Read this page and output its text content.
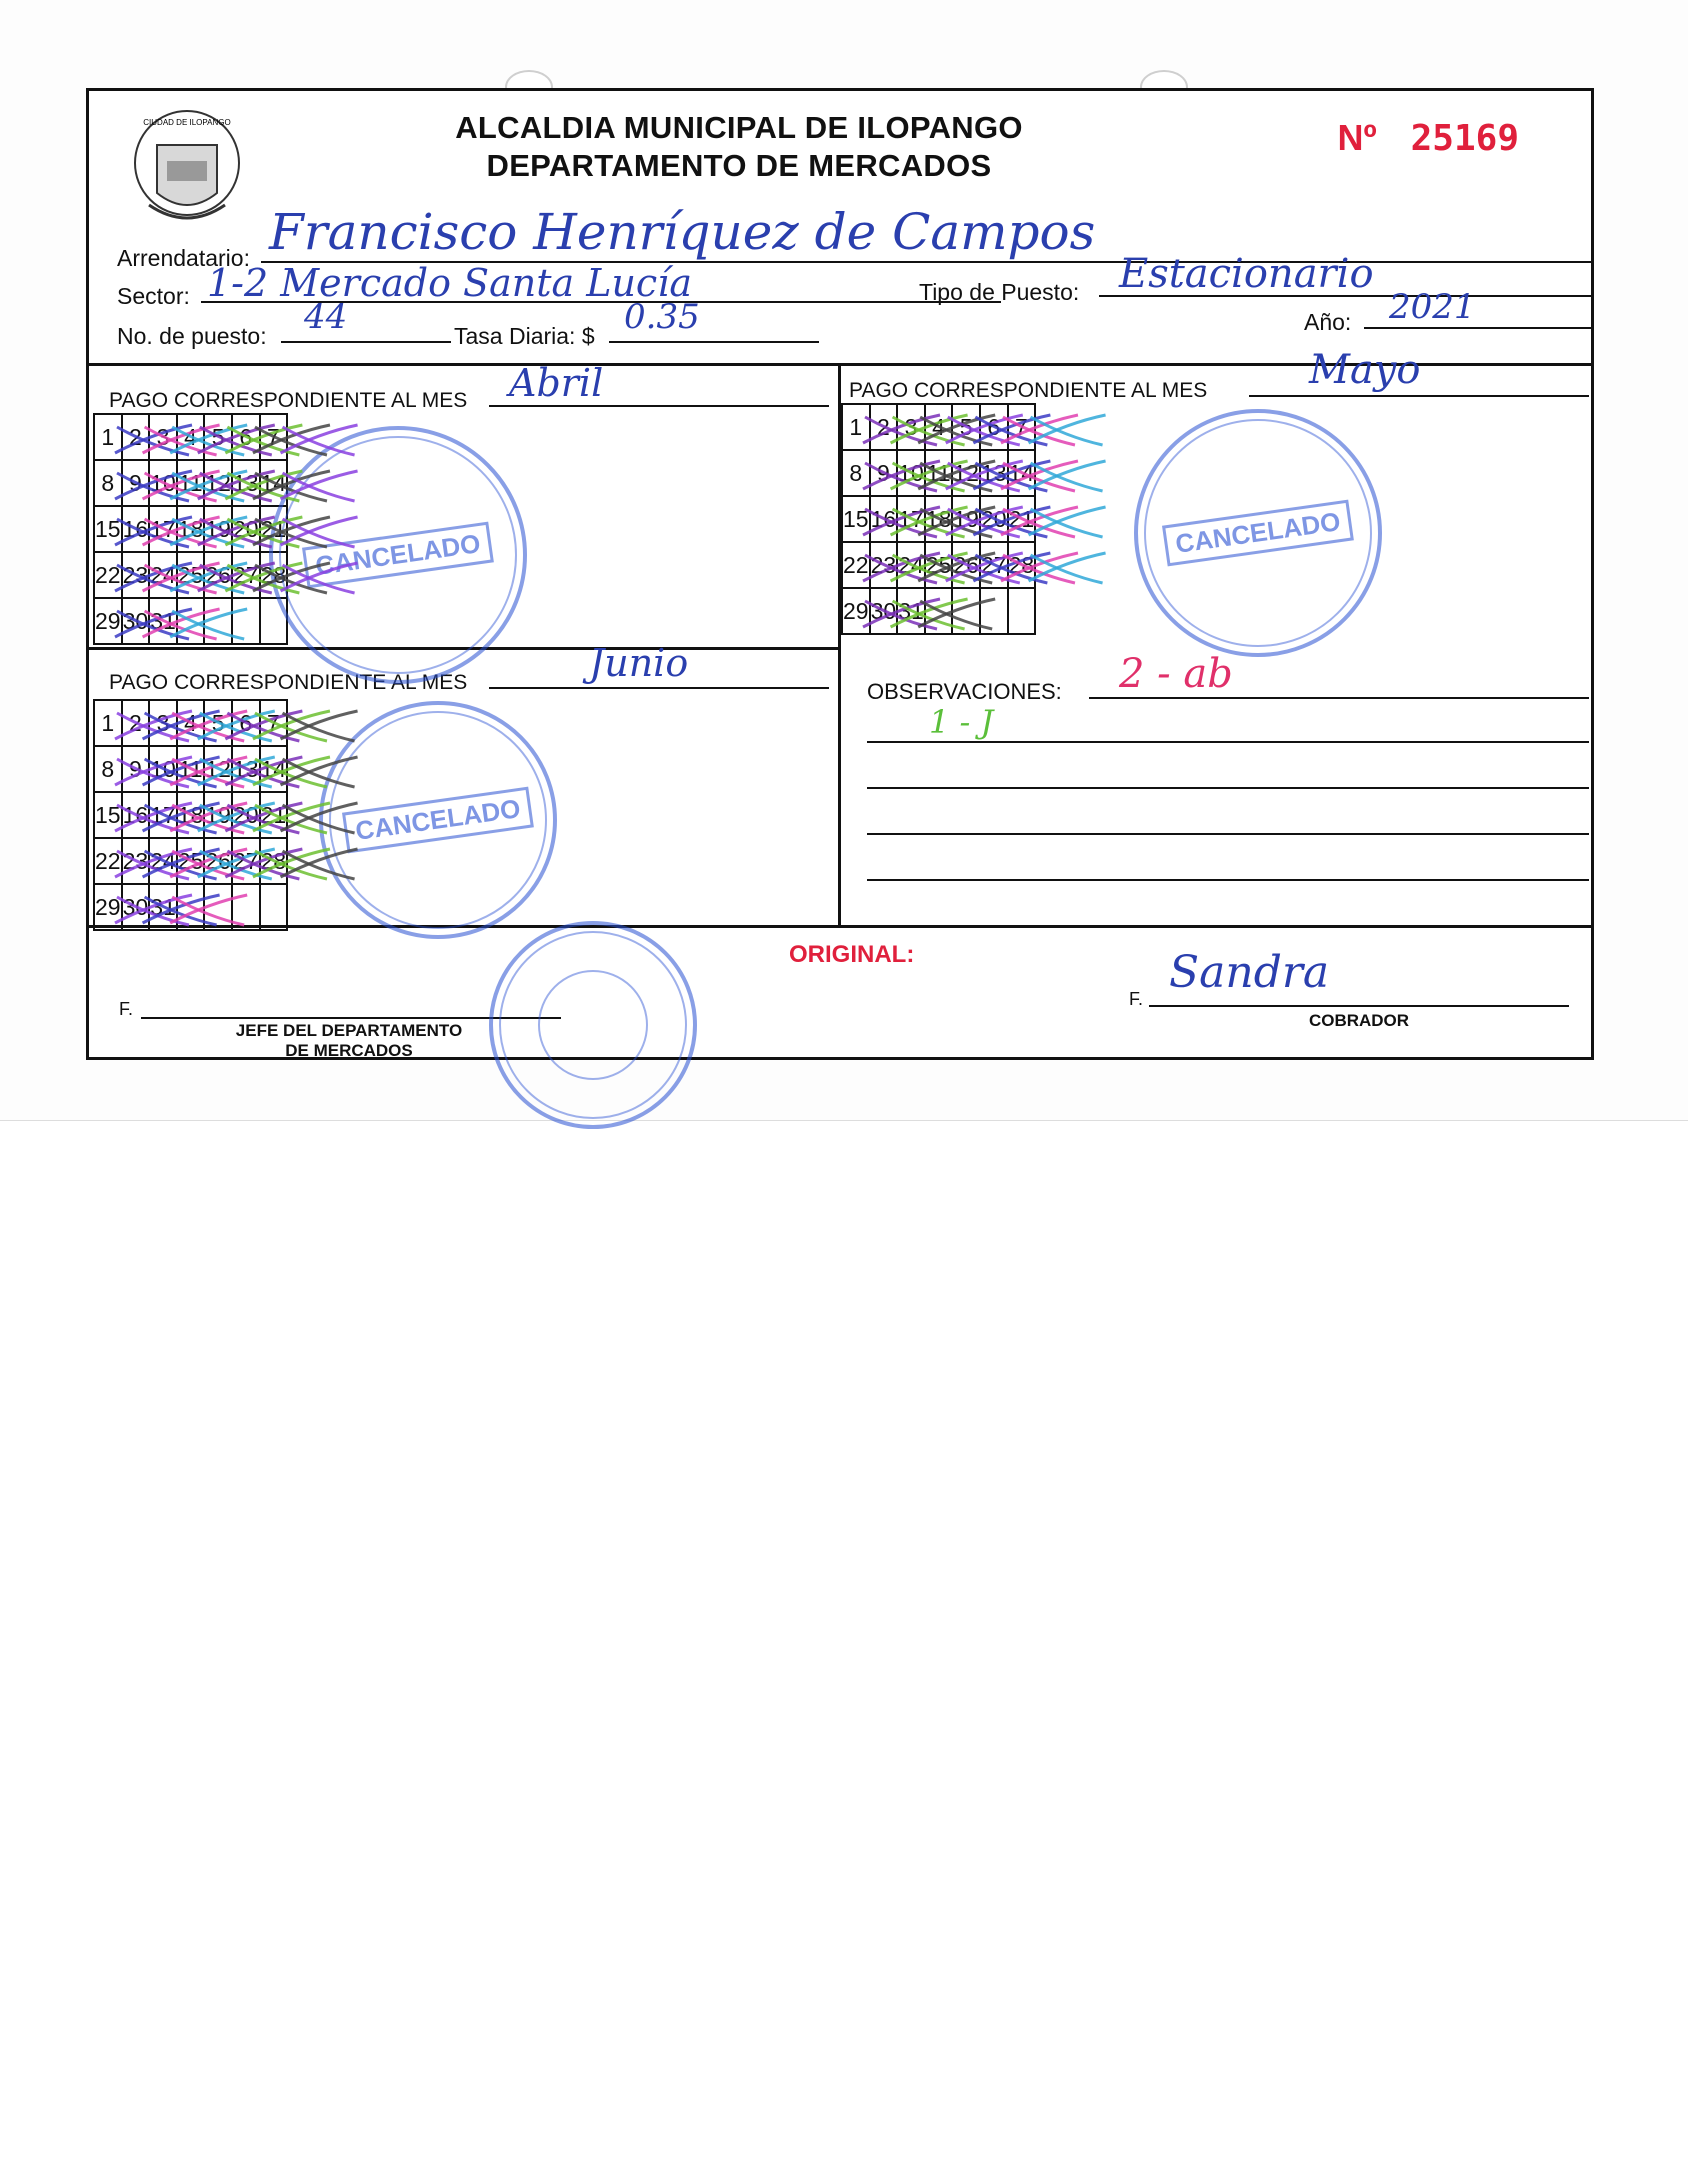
CIUDAD DE ILOPANGO	ALCALDIA MUNICIPAL DE ILOPANGO
DEPARTAMENTO DE MERCADOS
Nº 25169
Arrendatario: Francisco Henríquez de Campos
Sector: 1-2 Mercado Santa Lucía	Tipo de Puesto: Estacionario
No. de puesto: 44	Tasa Diaria: $ 0.35	Año: 2021
PAGO CORRESPONDIENTE AL MES Abril
1	2	3	4	5	6	7
8	9	10	11	12	13	14
15	16	17	18	19	20	21
22	23	24	25	26	27	28
29	30	31				
PAGO CORRESPONDIENTE AL MES	Mayo
1	2	3	4	5	6	7
8	9	10	11	12	13	14
15	16	17	18	19	20	21
22	23	24	25	26	27	28
29	30	31				
PAGO CORRESPONDIENTE AL MES	Junio
1	2	3	4	5	6	7
8	9	10	11	12	13	14
15	16	17	18	19	20	21
22	23	24	25	26	27	28
29	30	31				
OBSERVACIONES: 2 - ab
1 - J
ORIGINAL:
F.
JEFE DEL DEPARTAMENTO
DE MERCADOS
F.
Sandra
COBRADOR
CANCELADO	CANCELADO
CANCELADO
